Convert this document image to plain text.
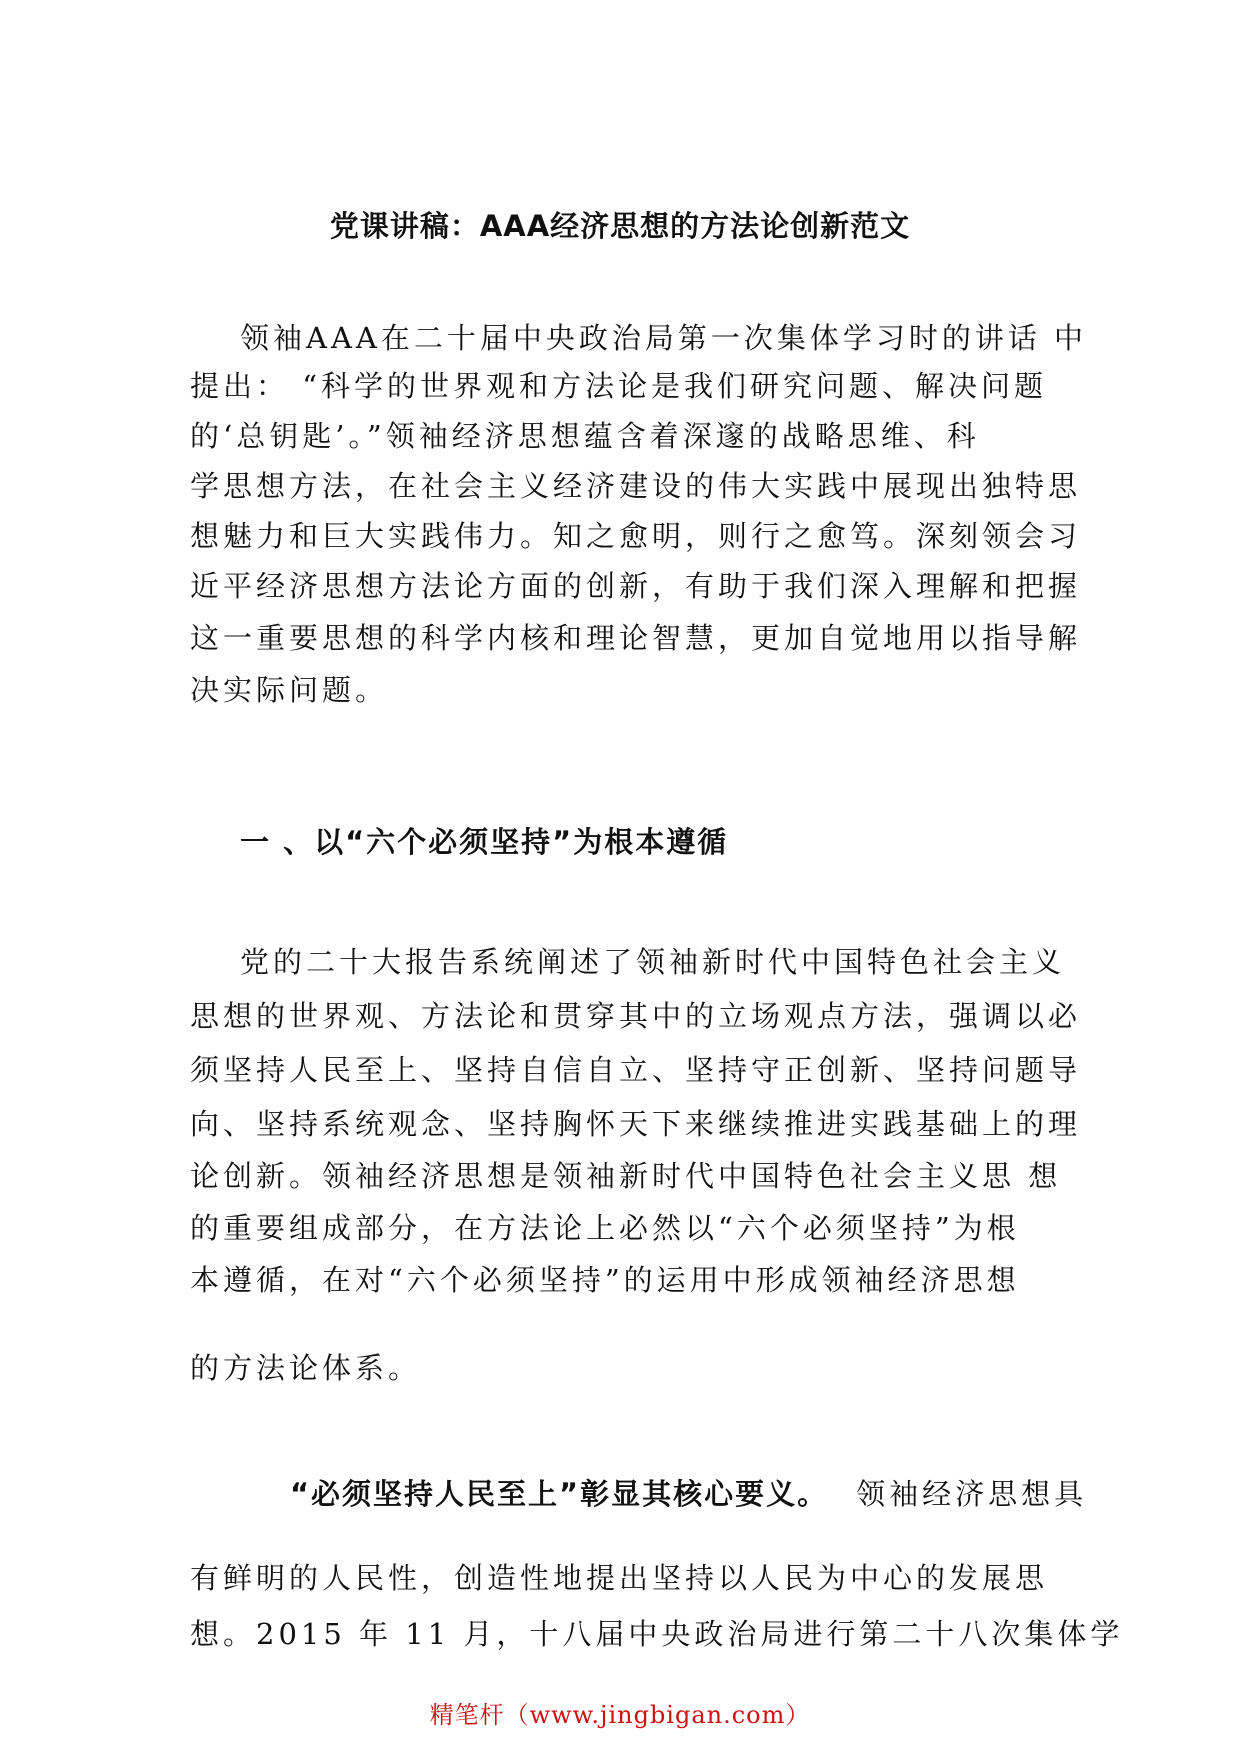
党课讲稿：AAA经济思想的方法论创新范文

领袖AAA在二十届中央政治局第一次集体学习时的讲话 中

提出： “科学的世界观和方法论是我们研究问题、解决问题

的‘总钥匙’。”领袖经济思想蕴含着深邃的战略思维、科

学思想方法，在社会主义经济建设的伟大实践中展现出独特思

想魅力和巨大实践伟力。知之愈明，则行之愈笃。深刻领会习

近平经济思想方法论方面的创新，有助于我们深入理解和把握

这一重要思想的科学内核和理论智慧，更加自觉地用以指导解

决实际问题。

一 、以“六个必须坚持”为根本遵循

党的二十大报告系统阐述了领袖新时代中国特色社会主义

思想的世界观、方法论和贯穿其中的立场观点方法，强调以必

须坚持人民至上、坚持自信自立、坚持守正创新、坚持问题导

向、坚持系统观念、坚持胸怀天下来继续推进实践基础上的理

论创新。领袖经济思想是领袖新时代中国特色社会主义思 想

的重要组成部分，在方法论上必然以“六个必须坚持”为根

本遵循，在对“六个必须坚持”的运用中形成领袖经济思想

的方法论体系。

“必须坚持人民至上”彰显其核心要义。 领袖经济思想具

有鲜明的人民性，创造性地提出坚持以人民为中心的发展思

想。2015 年 11 月，十八届中央政治局进行第二十八次集体学

精笔杆（www.jingbigan.com）
